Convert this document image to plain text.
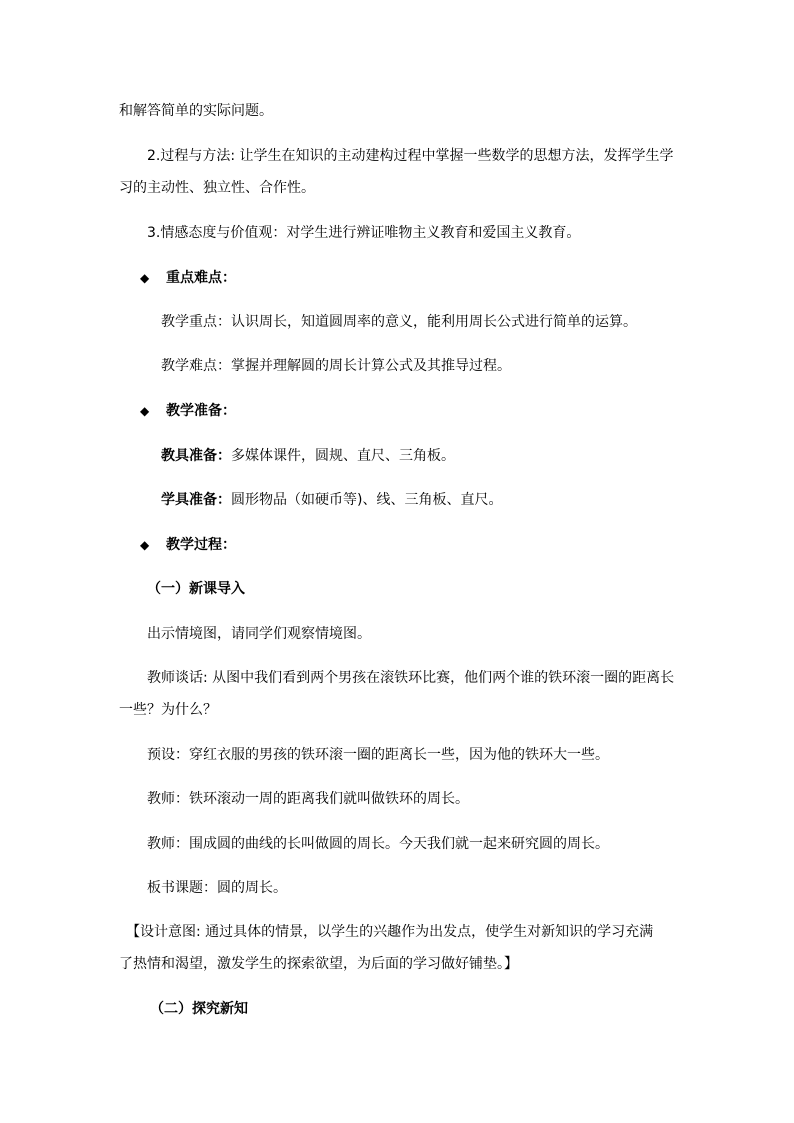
和解答简单的实际问题。
2.过程与方法: 让学生在知识的主动建构过程中掌握一些数学的思想方法，发挥学生学
习的主动性、独立性、合作性。
3.情感态度与价值观：对学生进行辨证唯物主义教育和爱国主义教育。
◆ 重点难点：
教学重点：认识周长，知道圆周率的意义，能利用周长公式进行简单的运算。
教学难点：掌握并理解圆的周长计算公式及其推导过程。
◆ 教学准备：
教具准备：多媒体课件，圆规、直尺、三角板。
学具准备：圆形物品（如硬币等)、线、三角板、直尺。
◆ 教学过程：
（一）新课导入
出示情境图，请同学们观察情境图。
教师谈话: 从图中我们看到两个男孩在滚铁环比赛，他们两个谁的铁环滚一圈的距离长
一些？为什么？
预设：穿红衣服的男孩的铁环滚一圈的距离长一些，因为他的铁环大一些。
教师：铁环滚动一周的距离我们就叫做铁环的周长。
教师：围成圆的曲线的长叫做圆的周长。今天我们就一起来研究圆的周长。
板书课题：圆的周长。
【设计意图: 通过具体的情景，以学生的兴趣作为出发点，使学生对新知识的学习充满
了热情和渴望，激发学生的探索欲望，为后面的学习做好铺垫。】
（二）探究新知
